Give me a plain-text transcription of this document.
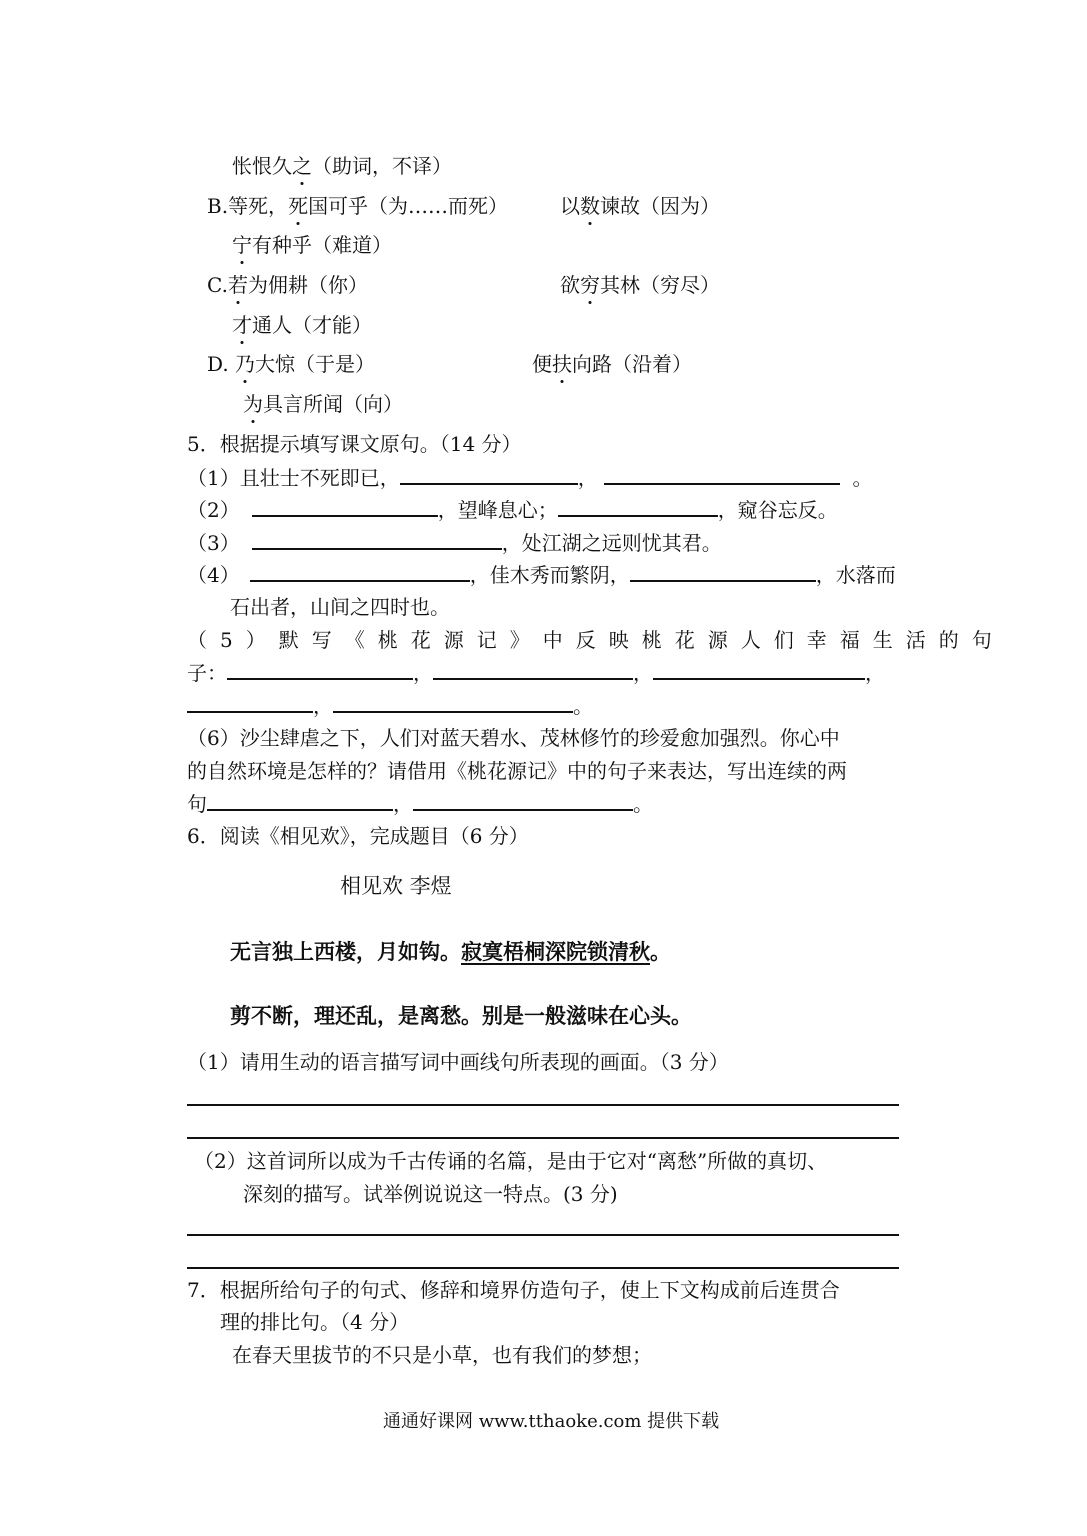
怅恨久之（助词，不译）
B.等死，死国可乎（为……而死）	以数谏故（因为）
宁有种乎（难道）
C.若为佣耕（你）	欲穷其林（穷尽）
才通人（才能）
D. 乃大惊（于是）	便扶向路（沿着）
为具言所闻（向）
5．根据提示填写课文原句。（14 分）
（1）且壮士不死即已，	，	。
（2）	，望峰息心；	，窥谷忘反。
（3）	，处江湖之远则忧其君。
（4）	，佳木秀而繁阴，	，水落而
石出者，山间之四时也。
（5）默写《桃花源记》中反映桃花源人们幸福生活的句
子：	，	，	，
，	。
（6）沙尘肆虐之下，人们对蓝天碧水、茂林修竹的珍爱愈加强烈。你心中
的自然环境是怎样的？请借用《桃花源记》中的句子来表达，写出连续的两
句	，	。
6．阅读《相见欢》，完成题目（6 分）
相见欢 李煜
无言独上西楼，月如钩。寂寞梧桐深院锁清秋。
剪不断，理还乱，是离愁。别是一般滋味在心头。
（1）请用生动的语言描写词中画线句所表现的画面。（3 分）
（2）这首词所以成为千古传诵的名篇，是由于它对“离愁”所做的真切、
深刻的描写。试举例说说这一特点。(3 分)
7．根据所给句子的句式、修辞和境界仿造句子，使上下文构成前后连贯合
理的排比句。（4 分）
在春天里拔节的不只是小草，也有我们的梦想；
通通好课网 www.tthaoke.com 提供下载
